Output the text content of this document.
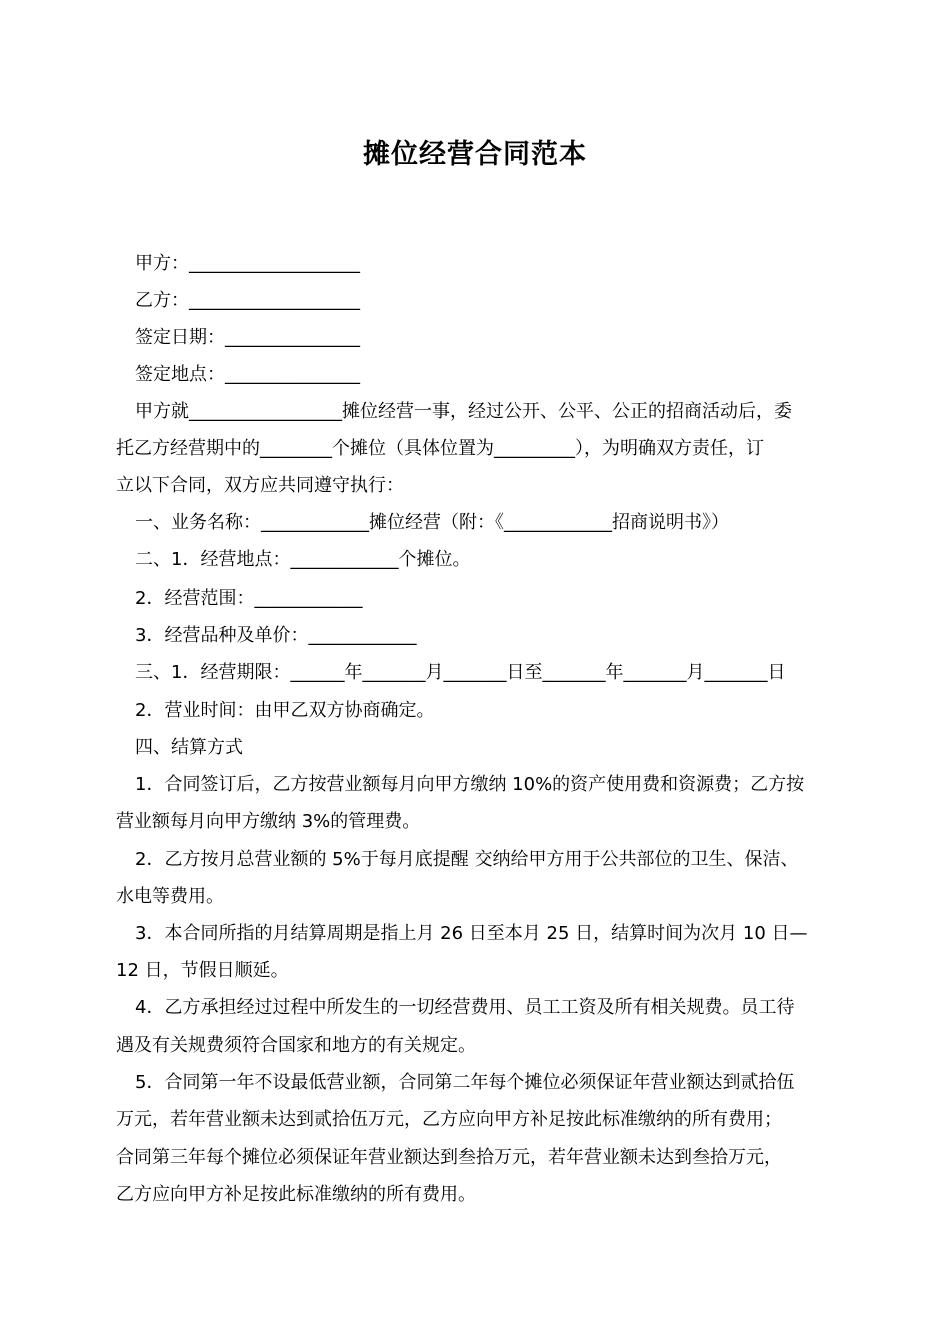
摊位经营合同范本
甲方：___________________
乙方：___________________
签定日期：_______________
签定地点：_______________
甲方就_________________摊位经营一事，经过公开、公平、公正的招商活动后，委
托乙方经营期中的________个摊位（具体位置为_________），为明确双方责任，订
立以下合同，双方应共同遵守执行：
一、业务名称：____________摊位经营（附：《____________招商说明书》）
二、1．经营地点：____________个摊位。
2．经营范围：____________
3．经营品种及单价：____________
三、1．经营期限：______年_______月_______日至_______年_______月_______日
2．营业时间：由甲乙双方协商确定。
四、结算方式
1．合同签订后，乙方按营业额每月向甲方缴纳 10%的资产使用费和资源费；乙方按
营业额每月向甲方缴纳 3%的管理费。
2．乙方按月总营业额的 5%于每月底提醒 交纳给甲方用于公共部位的卫生、保洁、
水电等费用。
3．本合同所指的月结算周期是指上月 26 日至本月 25 日，结算时间为次月 10 日—
12 日，节假日顺延。
4．乙方承担经过过程中所发生的一切经营费用、员工工资及所有相关规费。员工待
遇及有关规费须符合国家和地方的有关规定。
5．合同第一年不设最低营业额，合同第二年每个摊位必须保证年营业额达到贰拾伍
万元，若年营业额未达到贰拾伍万元，乙方应向甲方补足按此标准缴纳的所有费用；
合同第三年每个摊位必须保证年营业额达到叁拾万元，若年营业额未达到叁拾万元，
乙方应向甲方补足按此标准缴纳的所有费用。
